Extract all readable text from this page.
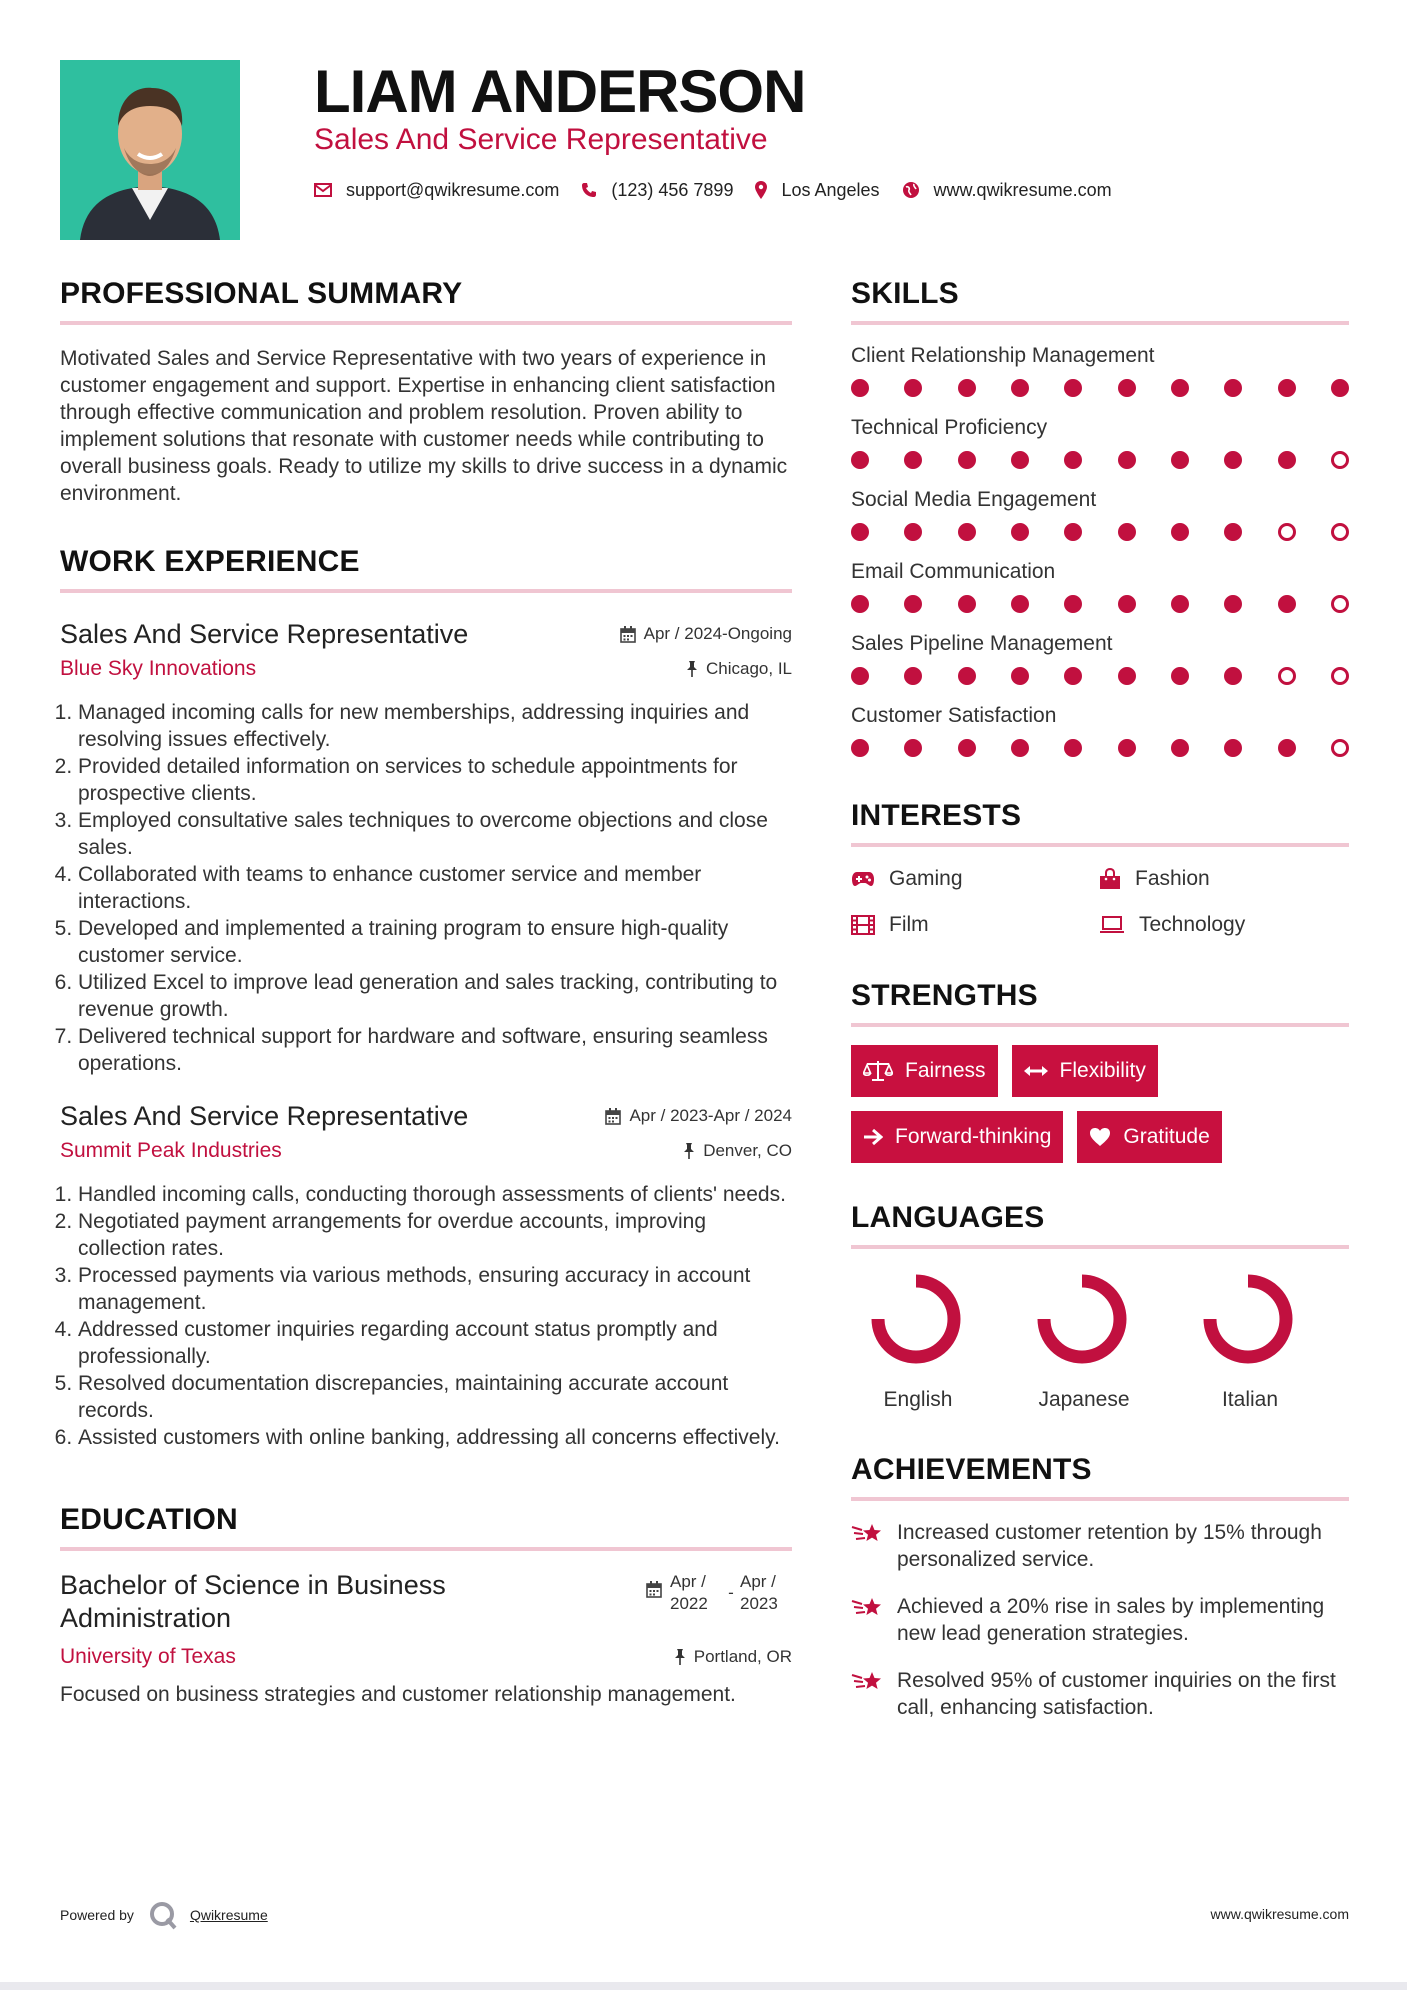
LIAM ANDERSON
Sales And Service Representative
support@qwikresume.com	(123) 456 7899	Los Angeles	www.qwikresume.com
PROFESSIONAL SUMMARY

Motivated Sales and Service Representative with two years of experience in customer engagement and support. Expertise in enhancing client satisfaction through effective communication and problem resolution. Proven ability to implement solutions that resonate with customer needs while contributing to overall business goals. Ready to utilize my skills to drive success in a dynamic environment.

WORK EXPERIENCE
Sales And Service Representative	Apr / 2024-Ongoing
Blue Sky Innovations	Chicago, IL
1. Managed incoming calls for new memberships, addressing inquiries and resolving issues effectively.
2. Provided detailed information on services to schedule appointments for prospective clients.
3. Employed consultative sales techniques to overcome objections and close sales.
4. Collaborated with teams to enhance customer service and member interactions.
5. Developed and implemented a training program to ensure high-quality customer service.
6. Utilized Excel to improve lead generation and sales tracking, contributing to revenue growth.
7. Delivered technical support for hardware and software, ensuring seamless operations.
Sales And Service Representative	Apr / 2023-Apr / 2024
Summit Peak Industries	Denver, CO
1. Handled incoming calls, conducting thorough assessments of clients' needs.
2. Negotiated payment arrangements for overdue accounts, improving collection rates.
3. Processed payments via various methods, ensuring accuracy in account management.
4. Addressed customer inquiries regarding account status promptly and professionally.
5. Resolved documentation discrepancies, maintaining accurate account records.
6. Assisted customers with online banking, addressing all concerns effectively.
EDUCATION
Bachelor of Science in Business Administration
Apr / 2022
-
Apr / 2023
University of Texas	Portland, OR

Focused on business strategies and customer relationship management.

SKILLS
Client Relationship Management
Technical Proficiency
Social Media Engagement
Email Communication
Sales Pipeline Management
Customer Satisfaction
INTERESTS
Gaming	Fashion
Film	Technology
STRENGTHS
Fairness	Flexibility
Forward-thinking	Gratitude
LANGUAGES
English	Japanese	Italian
ACHIEVEMENTS
Increased customer retention by 15% through personalized service.
Achieved a 20% rise in sales by implementing new lead generation strategies.
Resolved 95% of customer inquiries on the first call, enhancing satisfaction.
Powered by	Qwikresume	www.qwikresume.com
